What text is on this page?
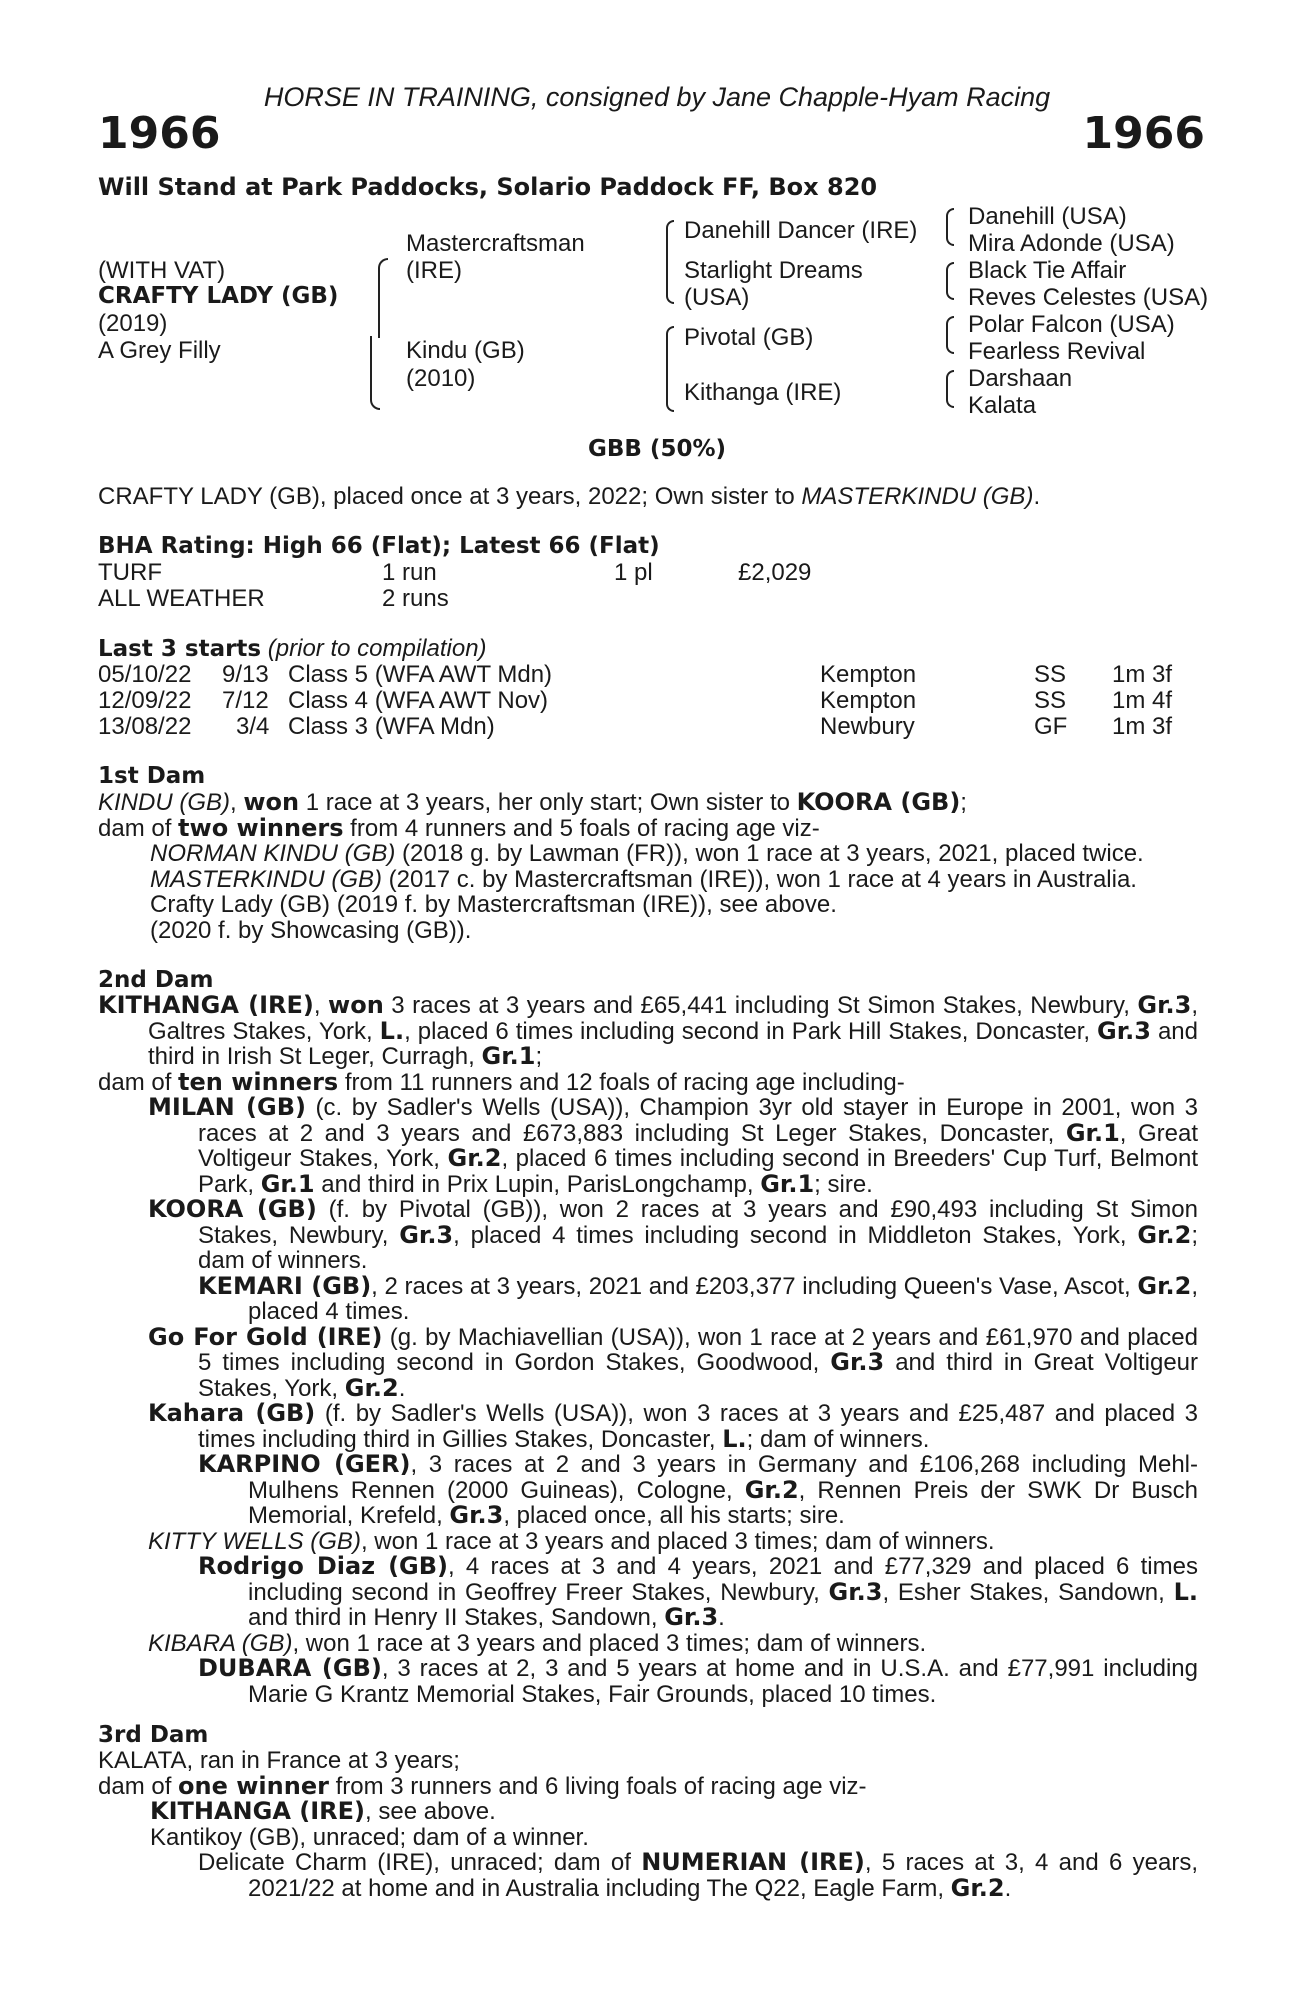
HORSE IN TRAINING, consigned by Jane Chapple-Hyam Racing
1966	1966
Will Stand at Park Paddocks, Solario Paddock FF, Box 820
(WITH VAT)
CRAFTY LADY (GB)
(2019)
A Grey Filly
Mastercraftsman
(IRE)
Kindu (GB)
(2010)
Danehill Dancer (IRE)
Starlight Dreams
(USA)
Pivotal (GB)
Kithanga (IRE)
Danehill (USA)
Mira Adonde (USA)
Black Tie Affair
Reves Celestes (USA)
Polar Falcon (USA)
Fearless Revival
Darshaan
Kalata
GBB (50%)
CRAFTY LADY (GB), placed once at 3 years, 2022; Own sister to MASTERKINDU (GB).
BHA Rating: High 66 (Flat); Latest 66 (Flat)
TURF	1 run	1 pl	£2,029
ALL WEATHER	2 runs
Last 3 starts (prior to compilation)
05/10/22 9/13 Class 5 (WFA AWT Mdn)	Kempton	SS 1m 3f
12/09/22 7/12 Class 4 (WFA AWT Nov)	Kempton	SS 1m 4f
13/08/22 3/4 Class 3 (WFA Mdn)	Newbury	GF 1m 3f
1st Dam
KINDU (GB), won 1 race at 3 years, her only start; Own sister to KOORA (GB);
dam of two winners from 4 runners and 5 foals of racing age viz-
NORMAN KINDU (GB) (2018 g. by Lawman (FR)), won 1 race at 3 years, 2021, placed twice.
MASTERKINDU (GB) (2017 c. by Mastercraftsman (IRE)), won 1 race at 4 years in Australia.
Crafty Lady (GB) (2019 f. by Mastercraftsman (IRE)), see above.
(2020 f. by Showcasing (GB)).
2nd Dam
KITHANGA (IRE), won 3 races at 3 years and £65,441 including St Simon Stakes, Newbury, Gr.3, Galtres Stakes, York, L., placed 6 times including second in Park Hill Stakes, Doncaster, Gr.3 and third in Irish St Leger, Curragh, Gr.1;
dam of ten winners from 11 runners and 12 foals of racing age including-
MILAN (GB) (c. by Sadler's Wells (USA)), Champion 3yr old stayer in Europe in 2001, won 3 races at 2 and 3 years and £673,883 including St Leger Stakes, Doncaster, Gr.1, Great Voltigeur Stakes, York, Gr.2, placed 6 times including second in Breeders' Cup Turf, Belmont Park, Gr.1 and third in Prix Lupin, ParisLongchamp, Gr.1; sire.
KOORA (GB) (f. by Pivotal (GB)), won 2 races at 3 years and £90,493 including St Simon Stakes, Newbury, Gr.3, placed 4 times including second in Middleton Stakes, York, Gr.2; dam of winners.
KEMARI (GB), 2 races at 3 years, 2021 and £203,377 including Queen's Vase, Ascot, Gr.2, placed 4 times.
Go For Gold (IRE) (g. by Machiavellian (USA)), won 1 race at 2 years and £61,970 and placed 5 times including second in Gordon Stakes, Goodwood, Gr.3 and third in Great Voltigeur Stakes, York, Gr.2.
Kahara (GB) (f. by Sadler's Wells (USA)), won 3 races at 3 years and £25,487 and placed 3 times including third in Gillies Stakes, Doncaster, L.; dam of winners.
KARPINO (GER), 3 races at 2 and 3 years in Germany and £106,268 including Mehl-Mulhens Rennen (2000 Guineas), Cologne, Gr.2, Rennen Preis der SWK Dr Busch Memorial, Krefeld, Gr.3, placed once, all his starts; sire.
KITTY WELLS (GB), won 1 race at 3 years and placed 3 times; dam of winners.
Rodrigo Diaz (GB), 4 races at 3 and 4 years, 2021 and £77,329 and placed 6 times including second in Geoffrey Freer Stakes, Newbury, Gr.3, Esher Stakes, Sandown, L. and third in Henry II Stakes, Sandown, Gr.3.
KIBARA (GB), won 1 race at 3 years and placed 3 times; dam of winners.
DUBARA (GB), 3 races at 2, 3 and 5 years at home and in U.S.A. and £77,991 including Marie G Krantz Memorial Stakes, Fair Grounds, placed 10 times.
3rd Dam
KALATA, ran in France at 3 years;
dam of one winner from 3 runners and 6 living foals of racing age viz-
KITHANGA (IRE), see above.
Kantikoy (GB), unraced; dam of a winner.
Delicate Charm (IRE), unraced; dam of NUMERIAN (IRE), 5 races at 3, 4 and 6 years, 2021/22 at home and in Australia including The Q22, Eagle Farm, Gr.2.
